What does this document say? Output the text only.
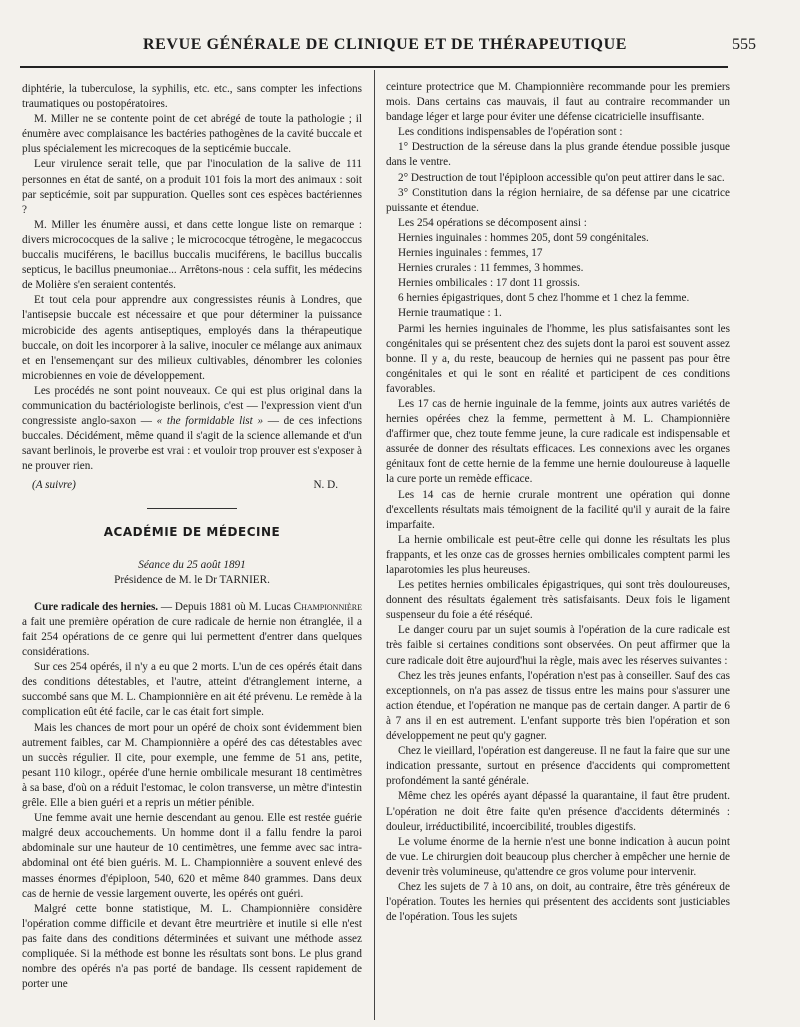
REVUE GÉNÉRALE DE CLINIQUE ET DE THÉRAPEUTIQUE	555

diphtérie, la tuberculose, la syphilis, etc. etc., sans compter les infections traumatiques ou postopératoires.

M. Miller ne se contente point de cet abrégé de toute la pathologie ; il énumère avec complaisance les bactéries pathogènes de la cavité buccale et plus spécialement les micrecoques de la septicémie buccale.

Leur virulence serait telle, que par l'inoculation de la salive de 111 personnes en état de santé, on a produit 101 fois la mort des animaux : soit par septicémie, soit par suppuration. Quelles sont ces espèces bactériennes ?

M. Miller les énumère aussi, et dans cette longue liste on remarque : divers micrococques de la salive ; le micrococque tétrogène, le megacoccus buccalis muciférens, le bacillus buccalis muciférens, le bacillus buccalis septicus, le bacillus pneumoniae... Arrêtons-nous : cela suffit, les médecins de Molière s'en seraient contentés.

Et tout cela pour apprendre aux congressistes réunis à Londres, que l'antisepsie buccale est nécessaire et que pour déterminer la puissance microbicide des agents antiseptiques, employés dans la thérapeutique buccale, on doit les incorporer à la salive, inoculer ce mélange aux animaux et en l'ensemençant sur des milieux cultivables, dénombrer les colonies microbiennes en voie de développement.

Les procédés ne sont point nouveaux. Ce qui est plus original dans la communication du bactériologiste berlinois, c'est — l'expression vient d'un congressiste anglo-saxon — « the formidable list » — de ces infections buccales. Décidément, même quand il s'agit de la science allemande et d'un savant berlinois, le proverbe est vrai : et vouloir trop prouver est s'exposer à ne prouver rien.

(A suivre)	N. D.
ACADÉMIE DE MÉDECINE
Séance du 25 août 1891
Présidence de M. le Dr TARNIER.

Cure radicale des hernies. — Depuis 1881 où M. Lucas Championnière a fait une première opération de cure radicale de hernie non étranglée, il a fait 254 opérations de ce genre qui lui permettent d'entrer dans quelques considérations.

Sur ces 254 opérés, il n'y a eu que 2 morts. L'un de ces opérés était dans des conditions détestables, et l'autre, atteint d'étranglement interne, a succombé sans que M. L. Championnière en ait été prévenu. Le remède à la complication eût été facile, car le cas était fort simple.

Mais les chances de mort pour un opéré de choix sont évidemment bien autrement faibles, car M. Championnière a opéré des cas détestables avec un succès régulier. Il cite, pour exemple, une femme de 51 ans, petite, pesant 110 kilogr., opérée d'une hernie ombilicale mesurant 18 centimètres à sa base, d'où on a réduit l'estomac, le colon transverse, un mètre d'intestin grêle. Elle a bien guéri et a repris un métier pénible.

Une femme avait une hernie descendant au genou. Elle est restée guérie malgré deux accouchements. Un homme dont il a fallu fendre la paroi abdominale sur une hauteur de 10 centimètres, une femme avec sac intra-abdominal ont été bien guéris. M. L. Championnière a souvent enlevé des masses énormes d'épiploon, 540, 620 et même 840 grammes. Dans deux cas de hernie de vessie largement ouverte, les opérés ont guéri.

Malgré cette bonne statistique, M. L. Championnière considère l'opération comme difficile et devant être meurtrière et inutile si elle n'est pas faite dans des conditions déterminées et suivant une méthode assez compliquée. Si la méthode est bonne les résultats sont bons. Le plus grand nombre des opérés n'a pas porté de bandage. Ils cessent rapidement de porter une

ceinture protectrice que M. Championnière recommande pour les premiers mois. Dans certains cas mauvais, il faut au contraire recommander un bandage léger et large pour éviter une défense cicatricielle insuffisante.

Les conditions indispensables de l'opération sont :

1° Destruction de la séreuse dans la plus grande étendue possible jusque dans le ventre.

2° Destruction de tout l'épiploon accessible qu'on peut attirer dans le sac.

3° Constitution dans la région herniaire, de sa défense par une cicatrice puissante et étendue.

Les 254 opérations se décomposent ainsi :

Hernies inguinales : hommes 205, dont 59 congénitales.

Hernies inguinales : femmes, 17

Hernies crurales : 11 femmes, 3 hommes.

Hernies ombilicales : 17 dont 11 grossis.

6 hernies épigastriques, dont 5 chez l'homme et 1 chez la femme.

Hernie traumatique : 1.

Parmi les hernies inguinales de l'homme, les plus satisfaisantes sont les congénitales qui se présentent chez des sujets dont la paroi est souvent assez bonne. Il y a, du reste, beaucoup de hernies qui ne passent pas pour être congénitales et qui le sont en réalité et participent de ces conditions favorables.

Les 17 cas de hernie inguinale de la femme, joints aux autres variétés de hernies opérées chez la femme, permettent à M. L. Championnière d'affirmer que, chez toute femme jeune, la cure radicale est indispensable et assurée de donner des résultats efficaces. Les connexions avec les organes génitaux font de cette hernie de la femme une hernie douloureuse à laquelle la cure porte un remède efficace.

Les 14 cas de hernie crurale montrent une opération qui donne d'excellents résultats mais témoignent de la facilité qu'il y aurait de la faire imparfaite.

La hernie ombilicale est peut-être celle qui donne les résultats les plus frappants, et les onze cas de grosses hernies ombilicales comptent parmi les laparotomies les plus heureuses.

Les petites hernies ombilicales épigastriques, qui sont très douloureuses, donnent des résultats également très satisfaisants. Deux fois le ligament suspenseur du foie a été réséqué.

Le danger couru par un sujet soumis à l'opération de la cure radicale est très faible si certaines conditions sont observées. On peut affirmer que la cure radicale doit être aujourd'hui la règle, mais avec les réserves suivantes :

Chez les très jeunes enfants, l'opération n'est pas à conseiller. Sauf des cas exceptionnels, on n'a pas assez de tissus entre les mains pour s'assurer une action étendue, et l'opération ne manque pas de certain danger. A partir de 6 à 7 ans il en est autrement. L'enfant supporte très bien l'opération et son développement ne peut qu'y gagner.

Chez le vieillard, l'opération est dangereuse. Il ne faut la faire que sur une indication pressante, surtout en présence d'accidents qui compromettent profondément la santé générale.

Même chez les opérés ayant dépassé la quarantaine, il faut être prudent. L'opération ne doit être faite qu'en présence d'accidents déterminés : douleur, irréductibilité, incoercibilité, troubles digestifs.

Le volume énorme de la hernie n'est une bonne indication à aucun point de vue. Le chirurgien doit beaucoup plus chercher à empêcher une hernie de devenir très volumineuse, qu'attendre ce gros volume pour intervenir.

Chez les sujets de 7 à 10 ans, on doit, au contraire, être très généreux de l'opération. Toutes les hernies qui présentent des accidents sont justiciables de l'opération. Tous les sujets
